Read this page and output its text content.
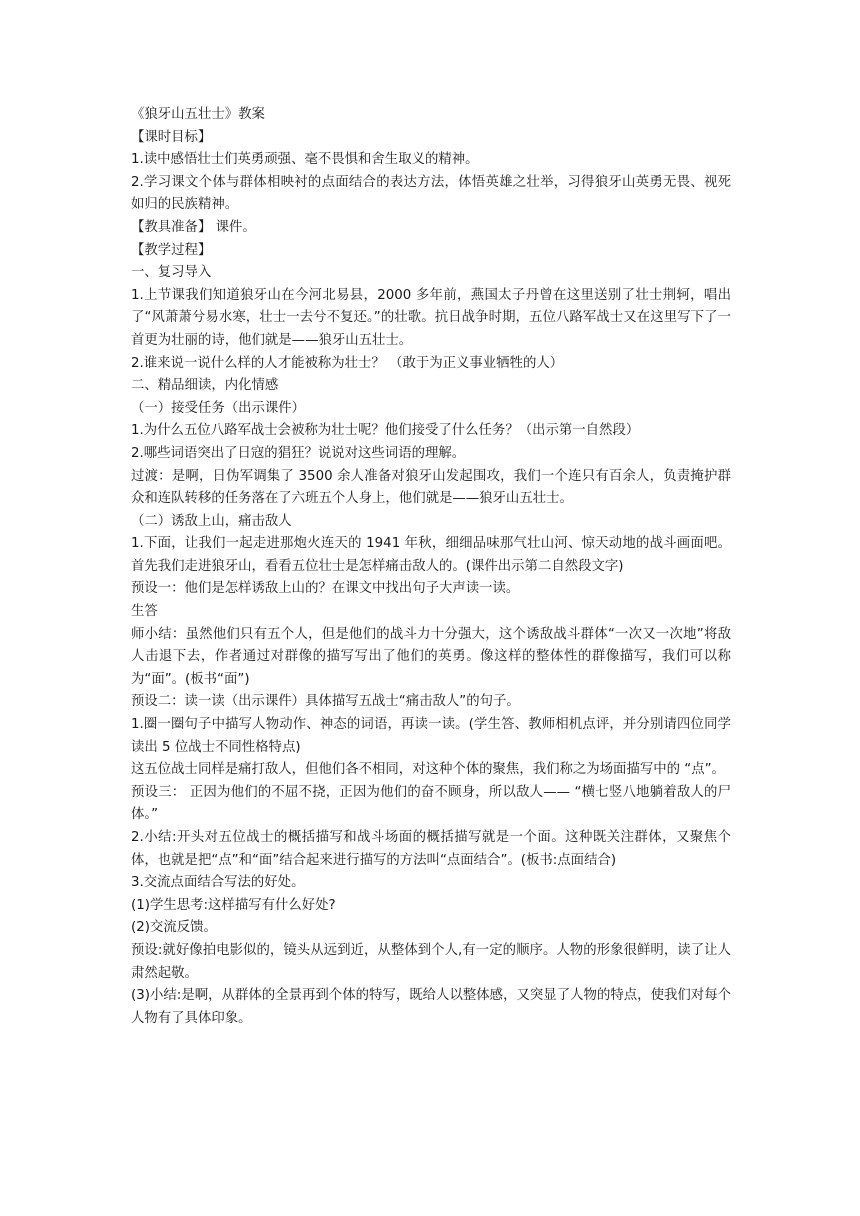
《狼牙山五壮士》教案

【课时目标】

1.读中感悟壮士们英勇顽强、毫不畏惧和舍生取义的精神。

2.学习课文个体与群体相映衬的点面结合的表达方法，体悟英雄之壮举，习得狼牙山英勇无畏、视死如归的民族精神。

【教具准备】 课件。

【教学过程】

一、复习导入

1.上节课我们知道狼牙山在今河北易县，2000 多年前，燕国太子丹曾在这里送别了壮士荆轲，唱出了“风萧萧兮易水寒，壮士一去兮不复还。”的壮歌。抗日战争时期，五位八路军战士又在这里写下了一首更为壮丽的诗，他们就是——狼牙山五壮士。

2.谁来说一说什么样的人才能被称为壮士？ （敢于为正义事业牺牲的人）

二、精品细读，内化情感

（一）接受任务（出示课件）

1.为什么五位八路军战士会被称为壮士呢？他们接受了什么任务？（出示第一自然段）

2.哪些词语突出了日寇的猖狂？说说对这些词语的理解。

过渡：是啊，日伪军调集了 3500 余人准备对狼牙山发起围攻，我们一个连只有百余人，负责掩护群众和连队转移的任务落在了六班五个人身上，他们就是——狼牙山五壮士。

（二）诱敌上山，痛击敌人

1.下面，让我们一起走进那炮火连天的 1941 年秋，细细品味那气壮山河、惊天动地的战斗画面吧。首先我们走进狼牙山，看看五位壮士是怎样痛击敌人的。(课件出示第二自然段文字)

预设一：他们是怎样诱敌上山的？在课文中找出句子大声读一读。

生答

师小结：虽然他们只有五个人，但是他们的战斗力十分强大，这个诱敌战斗群体“一次又一次地”将敌人击退下去，作者通过对群像的描写写出了他们的英勇。像这样的整体性的群像描写，我们可以称为“面”。(板书“面”)

预设二：读一读（出示课件）具体描写五战士“痛击敌人”的句子。

1.圈一圈句子中描写人物动作、神态的词语，再读一读。(学生答、教师相机点评，并分别请四位同学读出 5 位战士不同性格特点)

这五位战士同样是痛打敌人，但他们各不相同，对这种个体的聚焦，我们称之为场面描写中的 “点”。

预设三： 正因为他们的不屈不挠，正因为他们的奋不顾身，所以敌人—— “横七竖八地躺着敌人的尸体。”

2.小结:开头对五位战士的概括描写和战斗场面的概括描写就是一个面。这种既关注群体，又聚焦个体，也就是把“点”和“面”结合起来进行描写的方法叫“点面结合”。(板书:点面结合)

3.交流点面结合写法的好处。

(1)学生思考:这样描写有什么好处?

(2)交流反馈。

预设:就好像拍电影似的，镜头从远到近，从整体到个人,有一定的顺序。人物的形象很鲜明，读了让人肃然起敬。

(3)小结:是啊，从群体的全景再到个体的特写，既给人以整体感，又突显了人物的特点，使我们对每个人物有了具体印象。
